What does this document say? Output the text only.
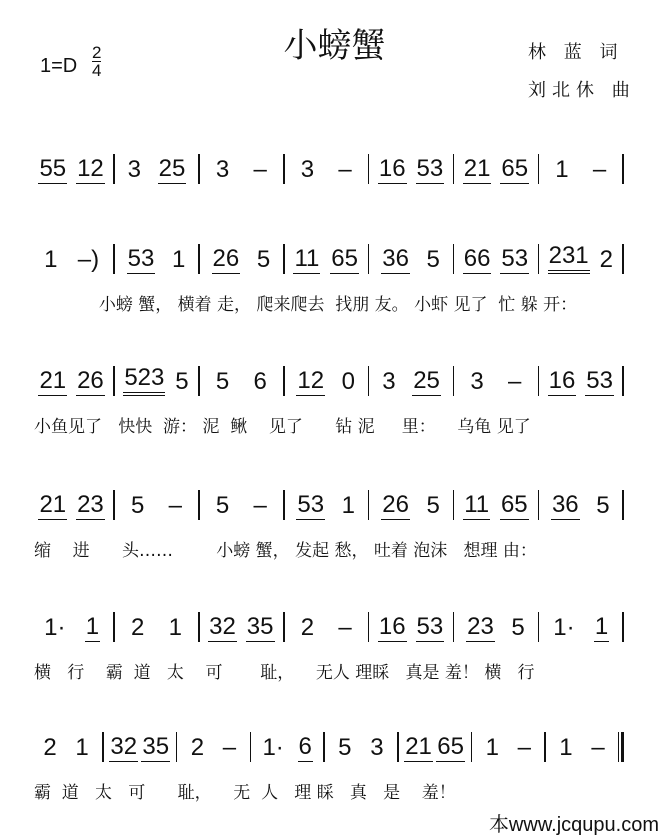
小螃蟹
1=D
2
4
林 蓝 词
刘北休 曲
55 12 3 25 3 – 3 – 16 53 21 65 1 –
1 –) 53 1 26 5 11 65 36 5 66 53 231 2
小螃 蟹， 横着 走， 爬来爬去  找朋 友。 小虾 见了  忙 躲 开：
21 26 523 5 5 6 12 0 3 25 3 – 16 53
小鱼见了   快快  游： 泥  鳅    见了      钻 泥     里：    乌龟 见了
21 23 5 – 5 – 53 1 26 5 11 65 36 5
缩    进      头……        小螃 蟹， 发起 愁， 吐着 泡沫   想理 由：
1· 1 2 1 32 35 2 – 16 53 23 5 1· 1
横   行    霸  道   太    可       耻，    无人 理睬   真是 羞！ 横   行
2 1 32 35 2 – 1· 6 5 3 21 65 1 – 1 –
霸  道   太   可      耻，    无  人   理 睬   真   是    羞！
本www.jcqupu.com
